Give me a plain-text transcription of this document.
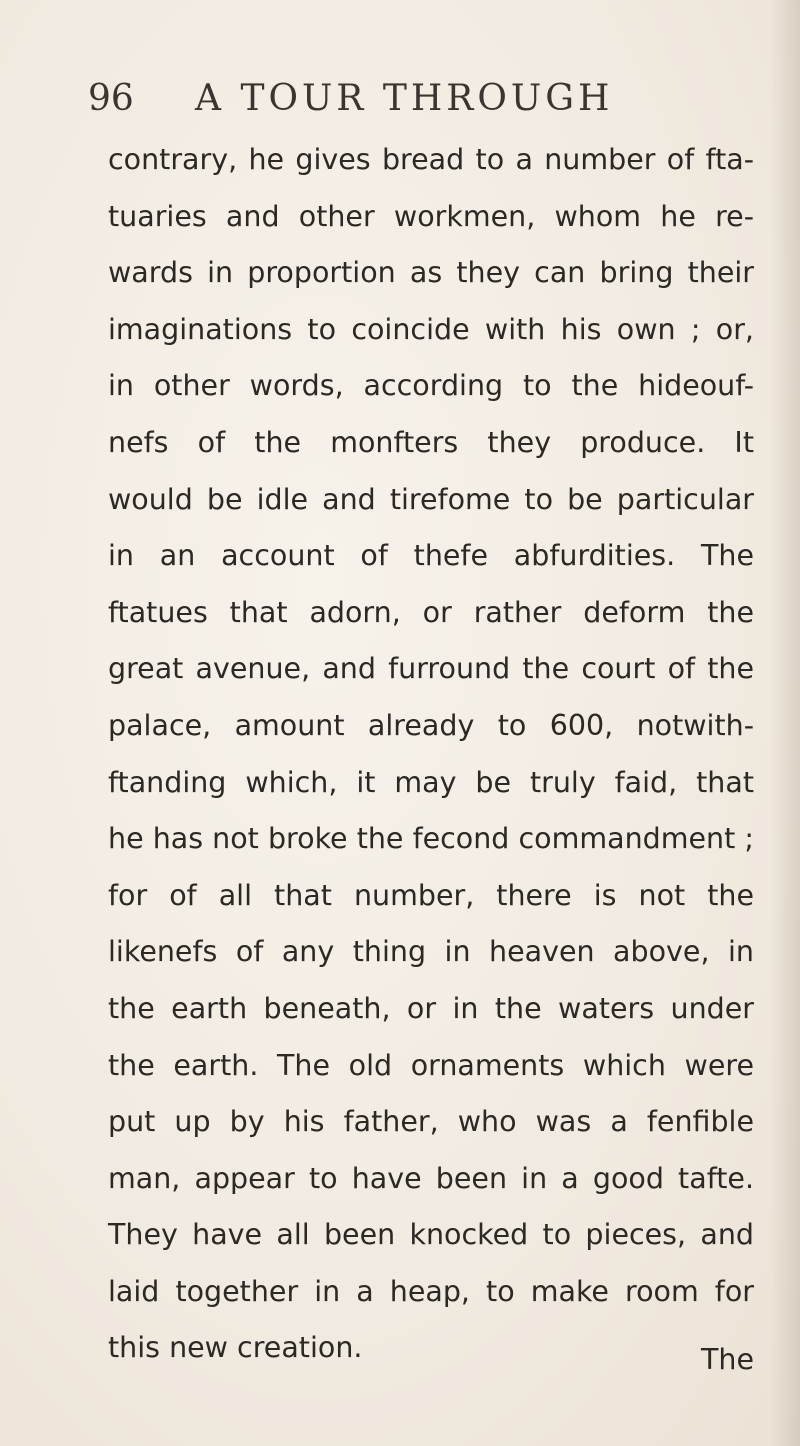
96 A TOUR THROUGH
contrary, he gives bread to a number of fta-
tuaries and other workmen, whom he re-
wards in proportion as they can bring their
imaginations to coincide with his own ; or,
in other words, according to the hideouf-
nefs of the monfters they produce. It
would be idle and tirefome to be particular
in an account of thefe abfurdities. The
ftatues that adorn, or rather deform the
great avenue, and furround the court of the
palace, amount already to 600, notwith-
ftanding which, it may be truly faid, that
he has not broke the fecond commandment ;
for of all that number, there is not the
likenefs of any thing in heaven above, in
the earth beneath, or in the waters under
the earth. The old ornaments which were
put up by his father, who was a fenfible
man, appear to have been in a good tafte.
They have all been knocked to pieces, and
laid together in a heap, to make room for
this new creation.	The
